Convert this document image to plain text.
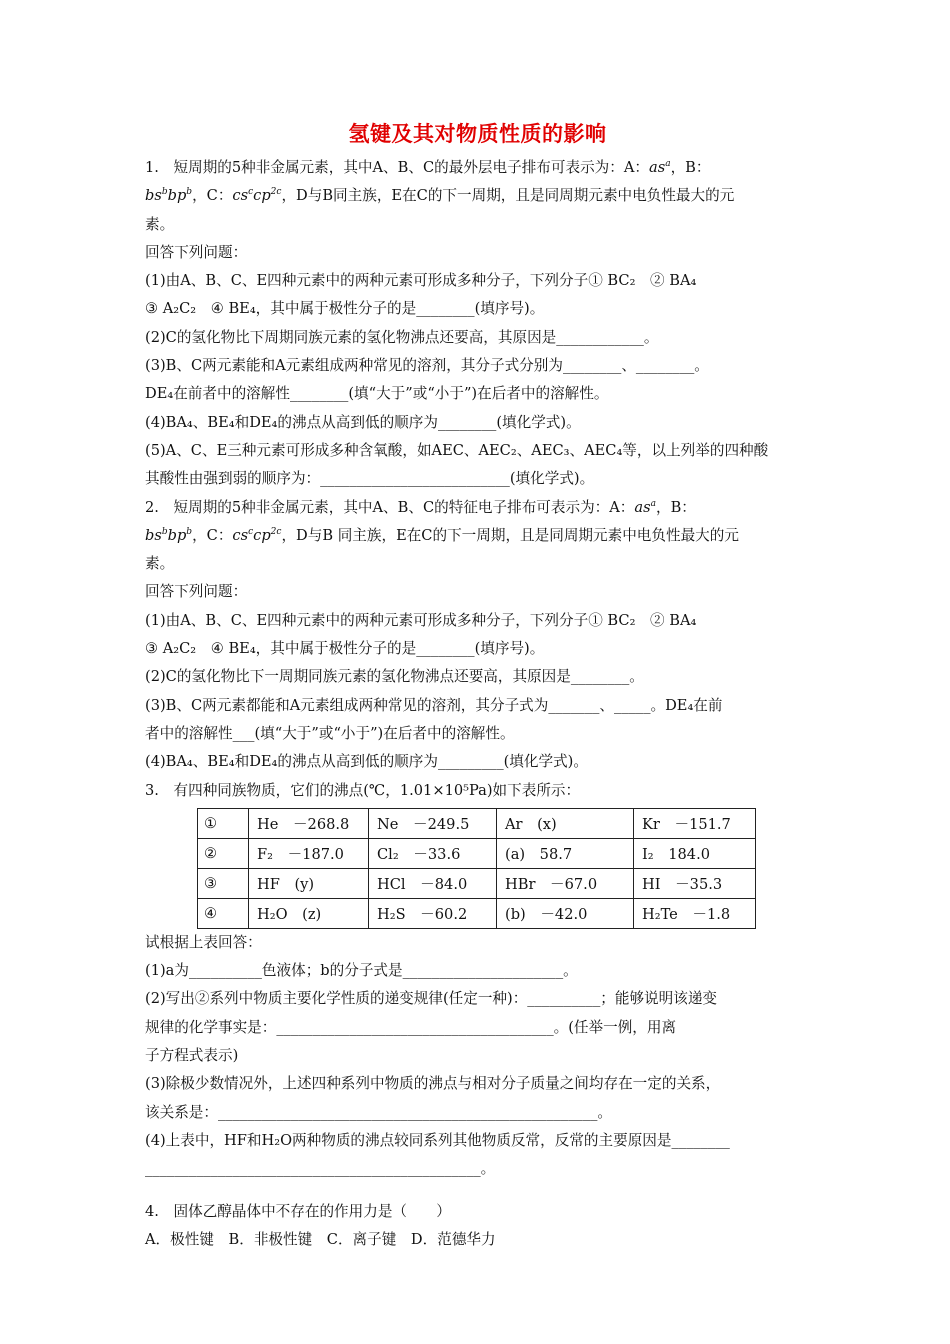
氢键及其对物质性质的影响

1.　短周期的5种非金属元素，其中A、B、C的最外层电子排布可表示为：A：$as^a$，B：

$bs^bbp^b$，C：$cs^ccp^{2c}$，D与B同主族，E在C的下一周期，且是同周期元素中电负性最大的元

素。

回答下列问题：

(1)由A、B、C、E四种元素中的两种元素可形成多种分子，下列分子① BC₂　② BA₄

③ A₂C₂　④ BE₄，其中属于极性分子的是________(填序号)。

(2)C的氢化物比下周期同族元素的氢化物沸点还要高，其原因是____________。

(3)B、C两元素能和A元素组成两种常见的溶剂，其分子式分别为________、________。

DE₄在前者中的溶解性________(填“大于”或“小于”)在后者中的溶解性。

(4)BA₄、BE₄和DE₄的沸点从高到低的顺序为________(填化学式)。

(5)A、C、E三种元素可形成多种含氧酸，如AEC、AEC₂、AEC₃、AEC₄等，以上列举的四种酸

其酸性由强到弱的顺序为：__________________________(填化学式)。

2.　短周期的5种非金属元素，其中A、B、C的特征电子排布可表示为：A：$as^a$，B：

$bs^bbp^b$，C：$cs^ccp^{2c}$，D与B 同主族，E在C的下一周期，且是同周期元素中电负性最大的元

素。

回答下列问题：

(1)由A、B、C、E四种元素中的两种元素可形成多种分子，下列分子① BC₂　② BA₄

③ A₂C₂　④ BE₄，其中属于极性分子的是________(填序号)。

(2)C的氢化物比下一周期同族元素的氢化物沸点还要高，其原因是________。

(3)B、C两元素都能和A元素组成两种常见的溶剂，其分子式为_______、_____。DE₄在前

者中的溶解性___(填“大于”或“小于”)在后者中的溶解性。

(4)BA₄、BE₄和DE₄的沸点从高到低的顺序为_________(填化学式)。

3.　有四种同族物质，它们的沸点(℃，1.01×10⁵Pa)如下表所示：

①	He　－268.8	Ne　－249.5	Ar　(x)	Kr　－151.7
②	F₂　－187.0	Cl₂　－33.6	(a)　58.7	I₂　184.0
③	HF　(y)	HCl　－84.0	HBr　－67.0	HI　－35.3
④	H₂O　(z)	H₂S　－60.2	(b)　－42.0	H₂Te　－1.8

试根据上表回答：

(1)a为__________色液体；b的分子式是______________________。

(2)写出②系列中物质主要化学性质的递变规律(任定一种)：__________；能够说明该递变

规律的化学事实是：______________________________________。(任举一例，用离

子方程式表示)

(3)除极少数情况外，上述四种系列中物质的沸点与相对分子质量之间均存在一定的关系，

该关系是：____________________________________________________。

(4)上表中，HF和H₂O两种物质的沸点较同系列其他物质反常，反常的主要原因是________

______________________________________________。

4.　固体乙醇晶体中不存在的作用力是（　　）

A．极性键　B．非极性键　C．离子键　D．范德华力
